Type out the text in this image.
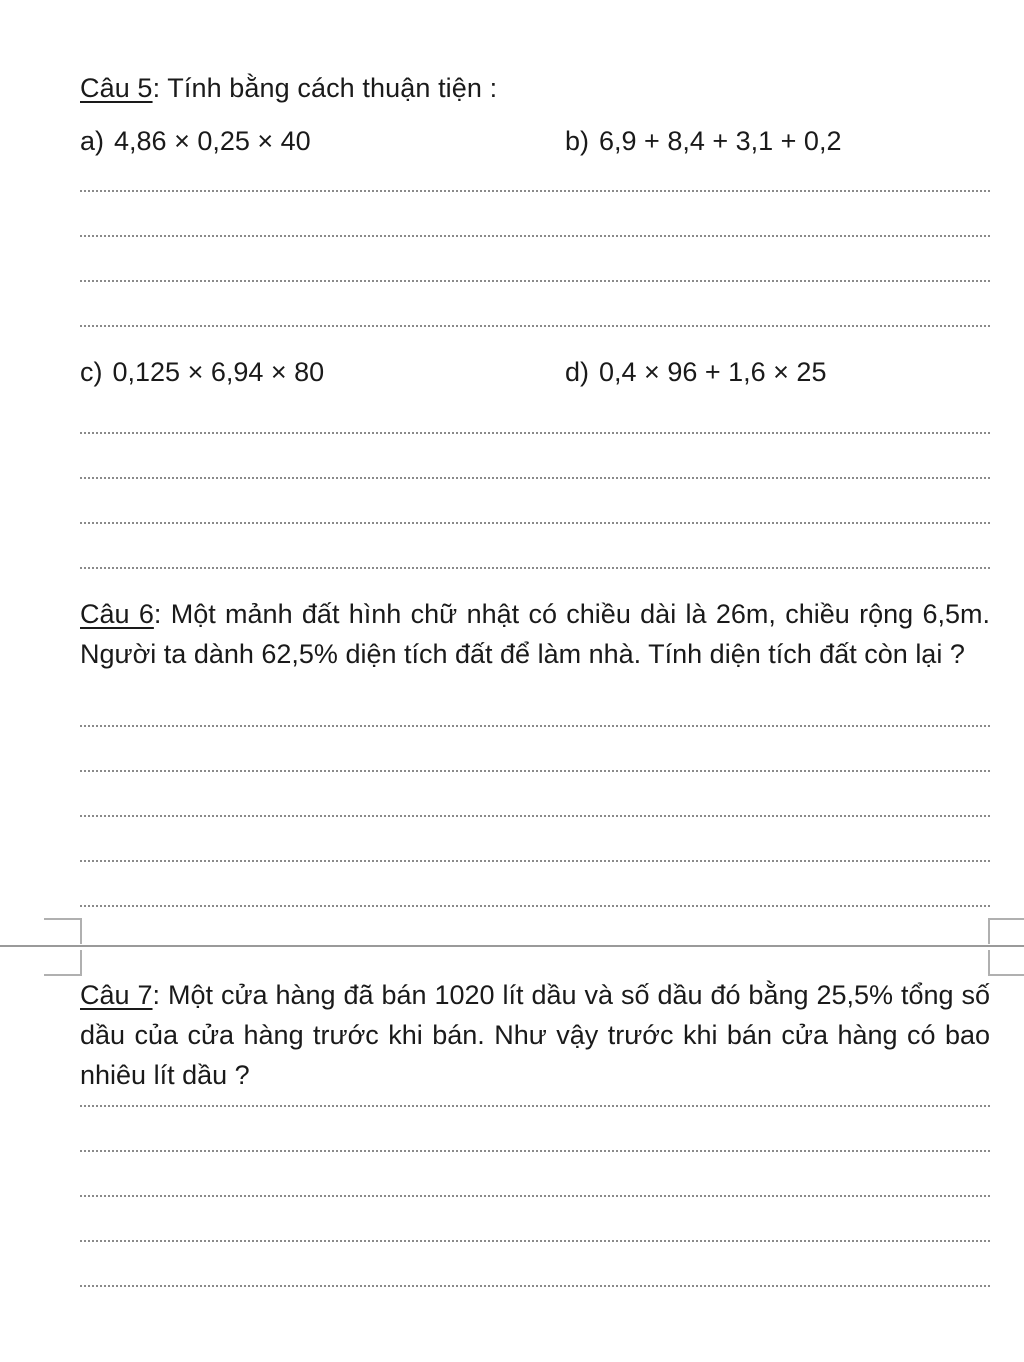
Câu 5: Tính bằng cách thuận tiện :
a) 4,86 × 0,25 × 40	b) 6,9 + 8,4 + 3,1 + 0,2
c) 0,125 × 6,94 × 80	d) 0,4 × 96 + 1,6 × 25
Câu 6: Một mảnh đất hình chữ nhật có chiều dài là 26m, chiều rộng 6,5m. Người ta dành 62,5% diện tích đất để làm nhà. Tính diện tích đất còn lại ?
Câu 7: Một cửa hàng đã bán 1020 lít dầu và số dầu đó bằng 25,5% tổng số dầu của cửa hàng trước khi bán. Như vậy trước khi bán cửa hàng có bao nhiêu lít dầu ?
